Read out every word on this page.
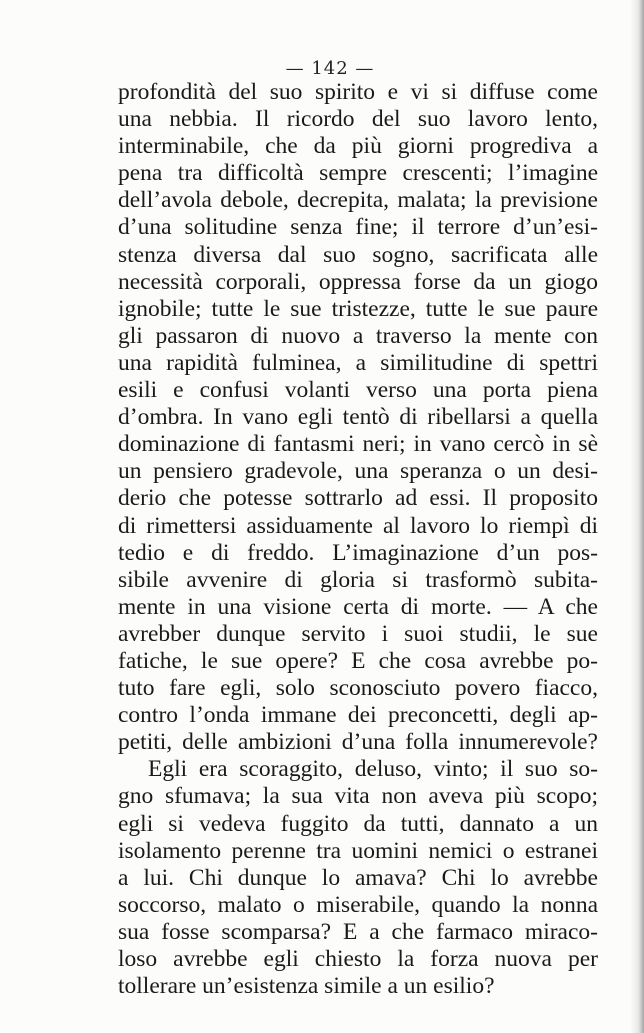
— 142 —
profondità del suo spirito e vi si diffuse come
una nebbia. Il ricordo del suo lavoro lento,
interminabile, che da più giorni progrediva a
pena tra difficoltà sempre crescenti; l’imagine
dell’avola debole, decrepita, malata; la previsione
d’una solitudine senza fine; il terrore d’un’esi-
stenza diversa dal suo sogno, sacrificata alle
necessità corporali, oppressa forse da un giogo
ignobile; tutte le sue tristezze, tutte le sue paure
gli passaron di nuovo a traverso la mente con
una rapidità fulminea, a similitudine di spettri
esili e confusi volanti verso una porta piena
d’ombra. In vano egli tentò di ribellarsi a quella
dominazione di fantasmi neri; in vano cercò in sè
un pensiero gradevole, una speranza o un desi-
derio che potesse sottrarlo ad essi. Il proposito
di rimettersi assiduamente al lavoro lo riempì di
tedio e di freddo. L’imaginazione d’un pos-
sibile avvenire di gloria si trasformò subita-
mente in una visione certa di morte. — A che
avrebber dunque servito i suoi studii, le sue
fatiche, le sue opere? E che cosa avrebbe po-
tuto fare egli, solo sconosciuto povero fiacco,
contro l’onda immane dei preconcetti, degli ap-
petiti, delle ambizioni d’una folla innumerevole?
Egli era scoraggito, deluso, vinto; il suo so-
gno sfumava; la sua vita non aveva più scopo;
egli si vedeva fuggito da tutti, dannato a un
isolamento perenne tra uomini nemici o estranei
a lui. Chi dunque lo amava? Chi lo avrebbe
soccorso, malato o miserabile, quando la nonna
sua fosse scomparsa? E a che farmaco miraco-
loso avrebbe egli chiesto la forza nuova per
tollerare un’esistenza simile a un esilio?
